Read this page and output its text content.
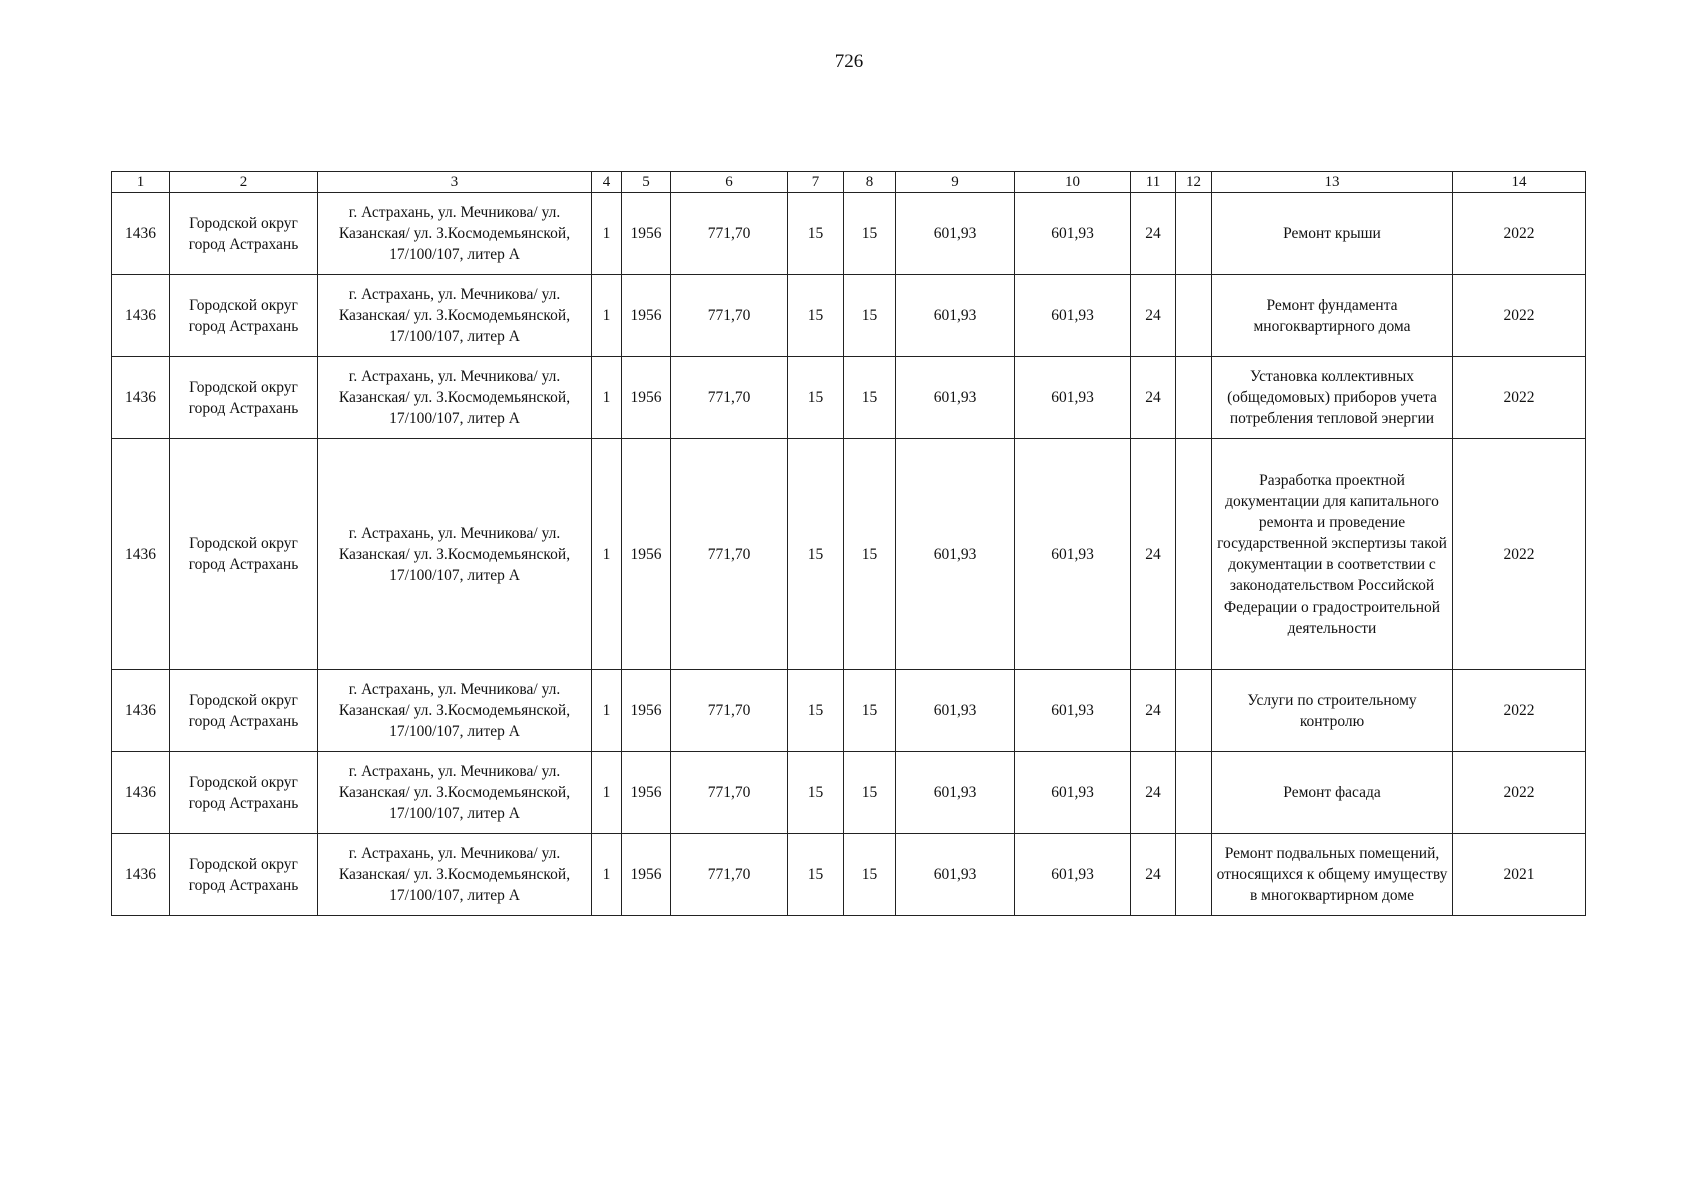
726
1	2	3	4	5	6	7	8	9	10	11	12	13	14
1436	Городской округ город Астрахань	г. Астрахань, ул. Мечникова/ ул. Казанская/ ул. З.Космодемьянской, 17/100/107, литер А	1	1956	771,70	15	15	601,93	601,93	24		Ремонт крыши	2022
1436	Городской округ город Астрахань	г. Астрахань, ул. Мечникова/ ул. Казанская/ ул. З.Космодемьянской, 17/100/107, литер А	1	1956	771,70	15	15	601,93	601,93	24		Ремонт фундамента многоквартирного дома	2022
1436	Городской округ город Астрахань	г. Астрахань, ул. Мечникова/ ул. Казанская/ ул. З.Космодемьянской, 17/100/107, литер А	1	1956	771,70	15	15	601,93	601,93	24		Установка коллективных (общедомовых) приборов учета потребления тепловой энергии	2022
1436	Городской округ город Астрахань	г. Астрахань, ул. Мечникова/ ул. Казанская/ ул. З.Космодемьянской, 17/100/107, литер А	1	1956	771,70	15	15	601,93	601,93	24		Разработка проектной документации для капитального ремонта и проведение государственной экспертизы такой документации в соответствии с законодательством Российской Федерации о градостроительной деятельности	2022
1436	Городской округ город Астрахань	г. Астрахань, ул. Мечникова/ ул. Казанская/ ул. З.Космодемьянской, 17/100/107, литер А	1	1956	771,70	15	15	601,93	601,93	24		Услуги по строительному контролю	2022
1436	Городской округ город Астрахань	г. Астрахань, ул. Мечникова/ ул. Казанская/ ул. З.Космодемьянской, 17/100/107, литер А	1	1956	771,70	15	15	601,93	601,93	24		Ремонт фасада	2022
1436	Городской округ город Астрахань	г. Астрахань, ул. Мечникова/ ул. Казанская/ ул. З.Космодемьянской, 17/100/107, литер А	1	1956	771,70	15	15	601,93	601,93	24		Ремонт подвальных помещений, относящихся к общему имуществу в многоквартирном доме	2021
